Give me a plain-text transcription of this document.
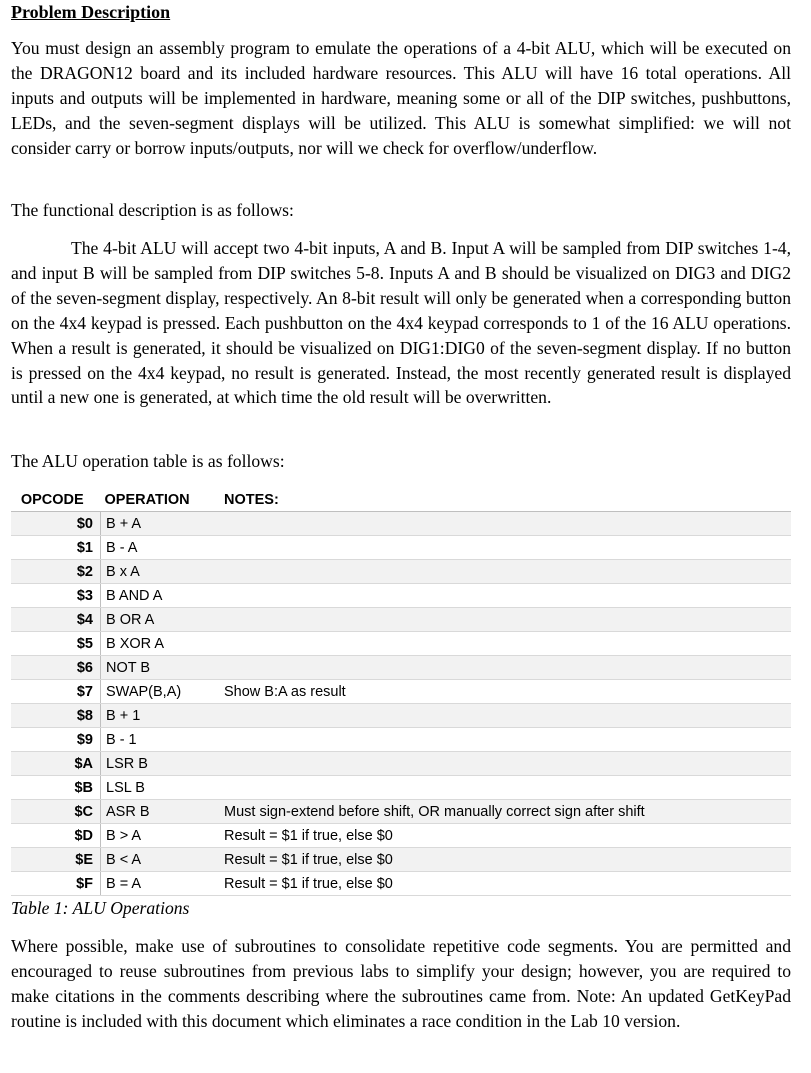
Problem Description
You must design an assembly program to emulate the operations of a 4-bit ALU, which will be executed on the DRAGON12 board and its included hardware resources. This ALU will have 16 total operations. All inputs and outputs will be implemented in hardware, meaning some or all of the DIP switches, pushbuttons, LEDs, and the seven-segment displays will be utilized. This ALU is somewhat simplified: we will not consider carry or borrow inputs/outputs, nor will we check for overflow/underflow.
The functional description is as follows:
The 4-bit ALU will accept two 4-bit inputs, A and B. Input A will be sampled from DIP switches 1-4, and input B will be sampled from DIP switches 5-8. Inputs A and B should be visualized on DIG3 and DIG2 of the seven-segment display, respectively. An 8-bit result will only be generated when a corresponding button on the 4x4 keypad is pressed. Each pushbutton on the 4x4 keypad corresponds to 1 of the 16 ALU operations. When a result is generated, it should be visualized on DIG1:DIG0 of the seven-segment display. If no button is pressed on the 4x4 keypad, no result is generated. Instead, the most recently generated result is displayed until a new one is generated, at which time the old result will be overwritten.
The ALU operation table is as follows:
OPCODE	OPERATION	NOTES:
$0	B + A	
$1	B - A	
$2	B x A	
$3	B AND A	
$4	B OR A	
$5	B XOR A	
$6	NOT B	
$7	SWAP(B,A)	Show B:A as result
$8	B + 1	
$9	B - 1	
$A	LSR B	
$B	LSL B	
$C	ASR B	Must sign-extend before shift, OR manually correct sign after shift
$D	B > A	Result = $1 if true, else $0
$E	B < A	Result = $1 if true, else $0
$F	B = A	Result = $1 if true, else $0
Table 1: ALU Operations
Where possible, make use of subroutines to consolidate repetitive code segments. You are permitted and encouraged to reuse subroutines from previous labs to simplify your design; however, you are required to make citations in the comments describing where the subroutines came from. Note: An updated GetKeyPad routine is included with this document which eliminates a race condition in the Lab 10 version.
